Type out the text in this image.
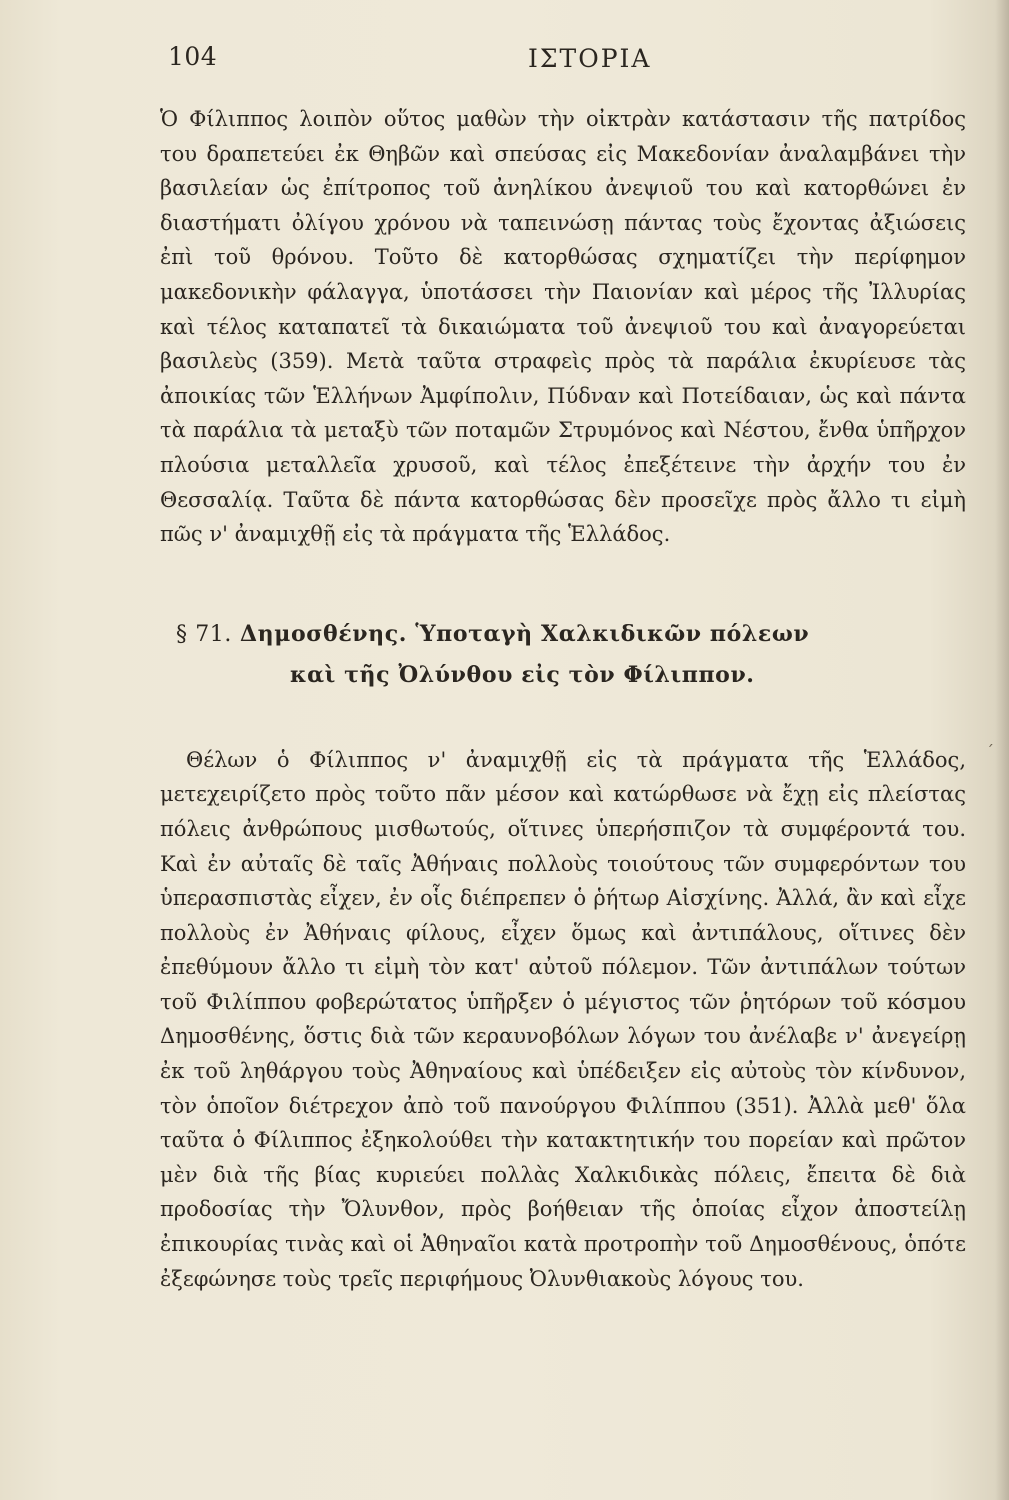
104	ΙΣΤΟΡΙΑ

Ὁ Φίλιππος λοιπὸν οὕτος μαθὼν τὴν οἰκτρὰν κατάστασιν τῆς πατρίδος του δραπετεύει ἐκ Θηβῶν καὶ σπεύσας εἰς Μακεδονίαν ἀναλαμβάνει τὴν βασιλείαν ὡς ἐπίτροπος τοῦ ἀνηλίκου ἀνεψιοῦ του καὶ κατορθώνει ἐν διαστήματι ὀλίγου χρόνου νὰ ταπεινώσῃ πάντας τοὺς ἔχοντας ἀξιώσεις ἐπὶ τοῦ θρόνου. Τοῦτο δὲ κατορθώσας σχηματίζει τὴν περίφημον μακεδονικὴν φάλαγγα, ὑποτάσσει τὴν Παιονίαν καὶ μέρος τῆς Ἰλλυρίας καὶ τέλος καταπατεῖ τὰ δικαιώματα τοῦ ἀνεψιοῦ του καὶ ἀναγορεύεται βασιλεὺς (359). Μετὰ ταῦτα στραφεὶς πρὸς τὰ παράλια ἐκυρίευσε τὰς ἀποικίας τῶν Ἑλλήνων Ἀμφίπολιν, Πύδναν καὶ Ποτείδαιαν, ὡς καὶ πάντα τὰ παράλια τὰ μεταξὺ τῶν ποταμῶν Στρυμόνος καὶ Νέστου, ἔνθα ὑπῆρχον πλούσια μεταλλεῖα χρυσοῦ, καὶ τέλος ἐπεξέτεινε τὴν ἀρχήν του ἐν Θεσσαλίᾳ. Ταῦτα δὲ πάντα κατορθώσας δὲν προσεῖχε πρὸς ἄλλο τι εἰμὴ πῶς ν' ἀναμιχθῇ εἰς τὰ πράγματα τῆς Ἑλλάδος.

§ 71. Δημοσθένης. Ὑποταγὴ Χαλκιδικῶν πόλεων
καὶ τῆς Ὀλύνθου εἰς τὸν Φίλιππον.

Θέλων ὁ Φίλιππος ν' ἀναμιχθῇ εἰς τὰ πράγματα τῆς Ἑλλάδος, μετεχειρίζετο πρὸς τοῦτο πᾶν μέσον καὶ κατώρθωσε νὰ ἔχῃ εἰς πλείστας πόλεις ἀνθρώπους μισθωτούς, οἵτινες ὑπερήσπιζον τὰ συμφέροντά του. Καὶ ἐν αὐταῖς δὲ ταῖς Ἀθήναις πολλοὺς τοιούτους τῶν συμφερόντων του ὑπερασπιστὰς εἶχεν, ἐν οἷς διέπρεπεν ὁ ῥήτωρ Αἰσχίνης. Ἀλλά, ἂν καὶ εἶχε πολλοὺς ἐν Ἀθήναις φίλους, εἶχεν ὅμως καὶ ἀντιπάλους, οἵτινες δὲν ἐπεθύμουν ἄλλο τι εἰμὴ τὸν κατ' αὐτοῦ πόλεμον. Τῶν ἀντιπάλων τούτων τοῦ Φιλίππου φοβερώτατος ὑπῆρξεν ὁ μέγιστος τῶν ῥητόρων τοῦ κόσμου Δημοσθένης, ὅστις διὰ τῶν κεραυνοβόλων λόγων του ἀνέλαβε ν' ἀνεγείρῃ ἐκ τοῦ ληθάργου τοὺς Ἀθηναίους καὶ ὑπέδειξεν εἰς αὐτοὺς τὸν κίνδυνον, τὸν ὁποῖον διέτρεχον ἀπὸ τοῦ πανούργου Φιλίππου (351). Ἀλλὰ μεθ' ὅλα ταῦτα ὁ Φίλιππος ἐξηκολούθει τὴν κατακτητικήν του πορείαν καὶ πρῶτον μὲν διὰ τῆς βίας κυριεύει πολλὰς Χαλκιδικὰς πόλεις, ἔπειτα δὲ διὰ προδοσίας τὴν Ὄλυνθον, πρὸς βοήθειαν τῆς ὁποίας εἶχον ἀποστείλῃ ἐπικουρίας τινὰς καὶ οἱ Ἀθηναῖοι κατὰ προτροπὴν τοῦ Δημοσθένους, ὁπότε ἐξεφώνησε τοὺς τρεῖς περιφήμους Ὀλυνθιακοὺς λόγους του.

´
